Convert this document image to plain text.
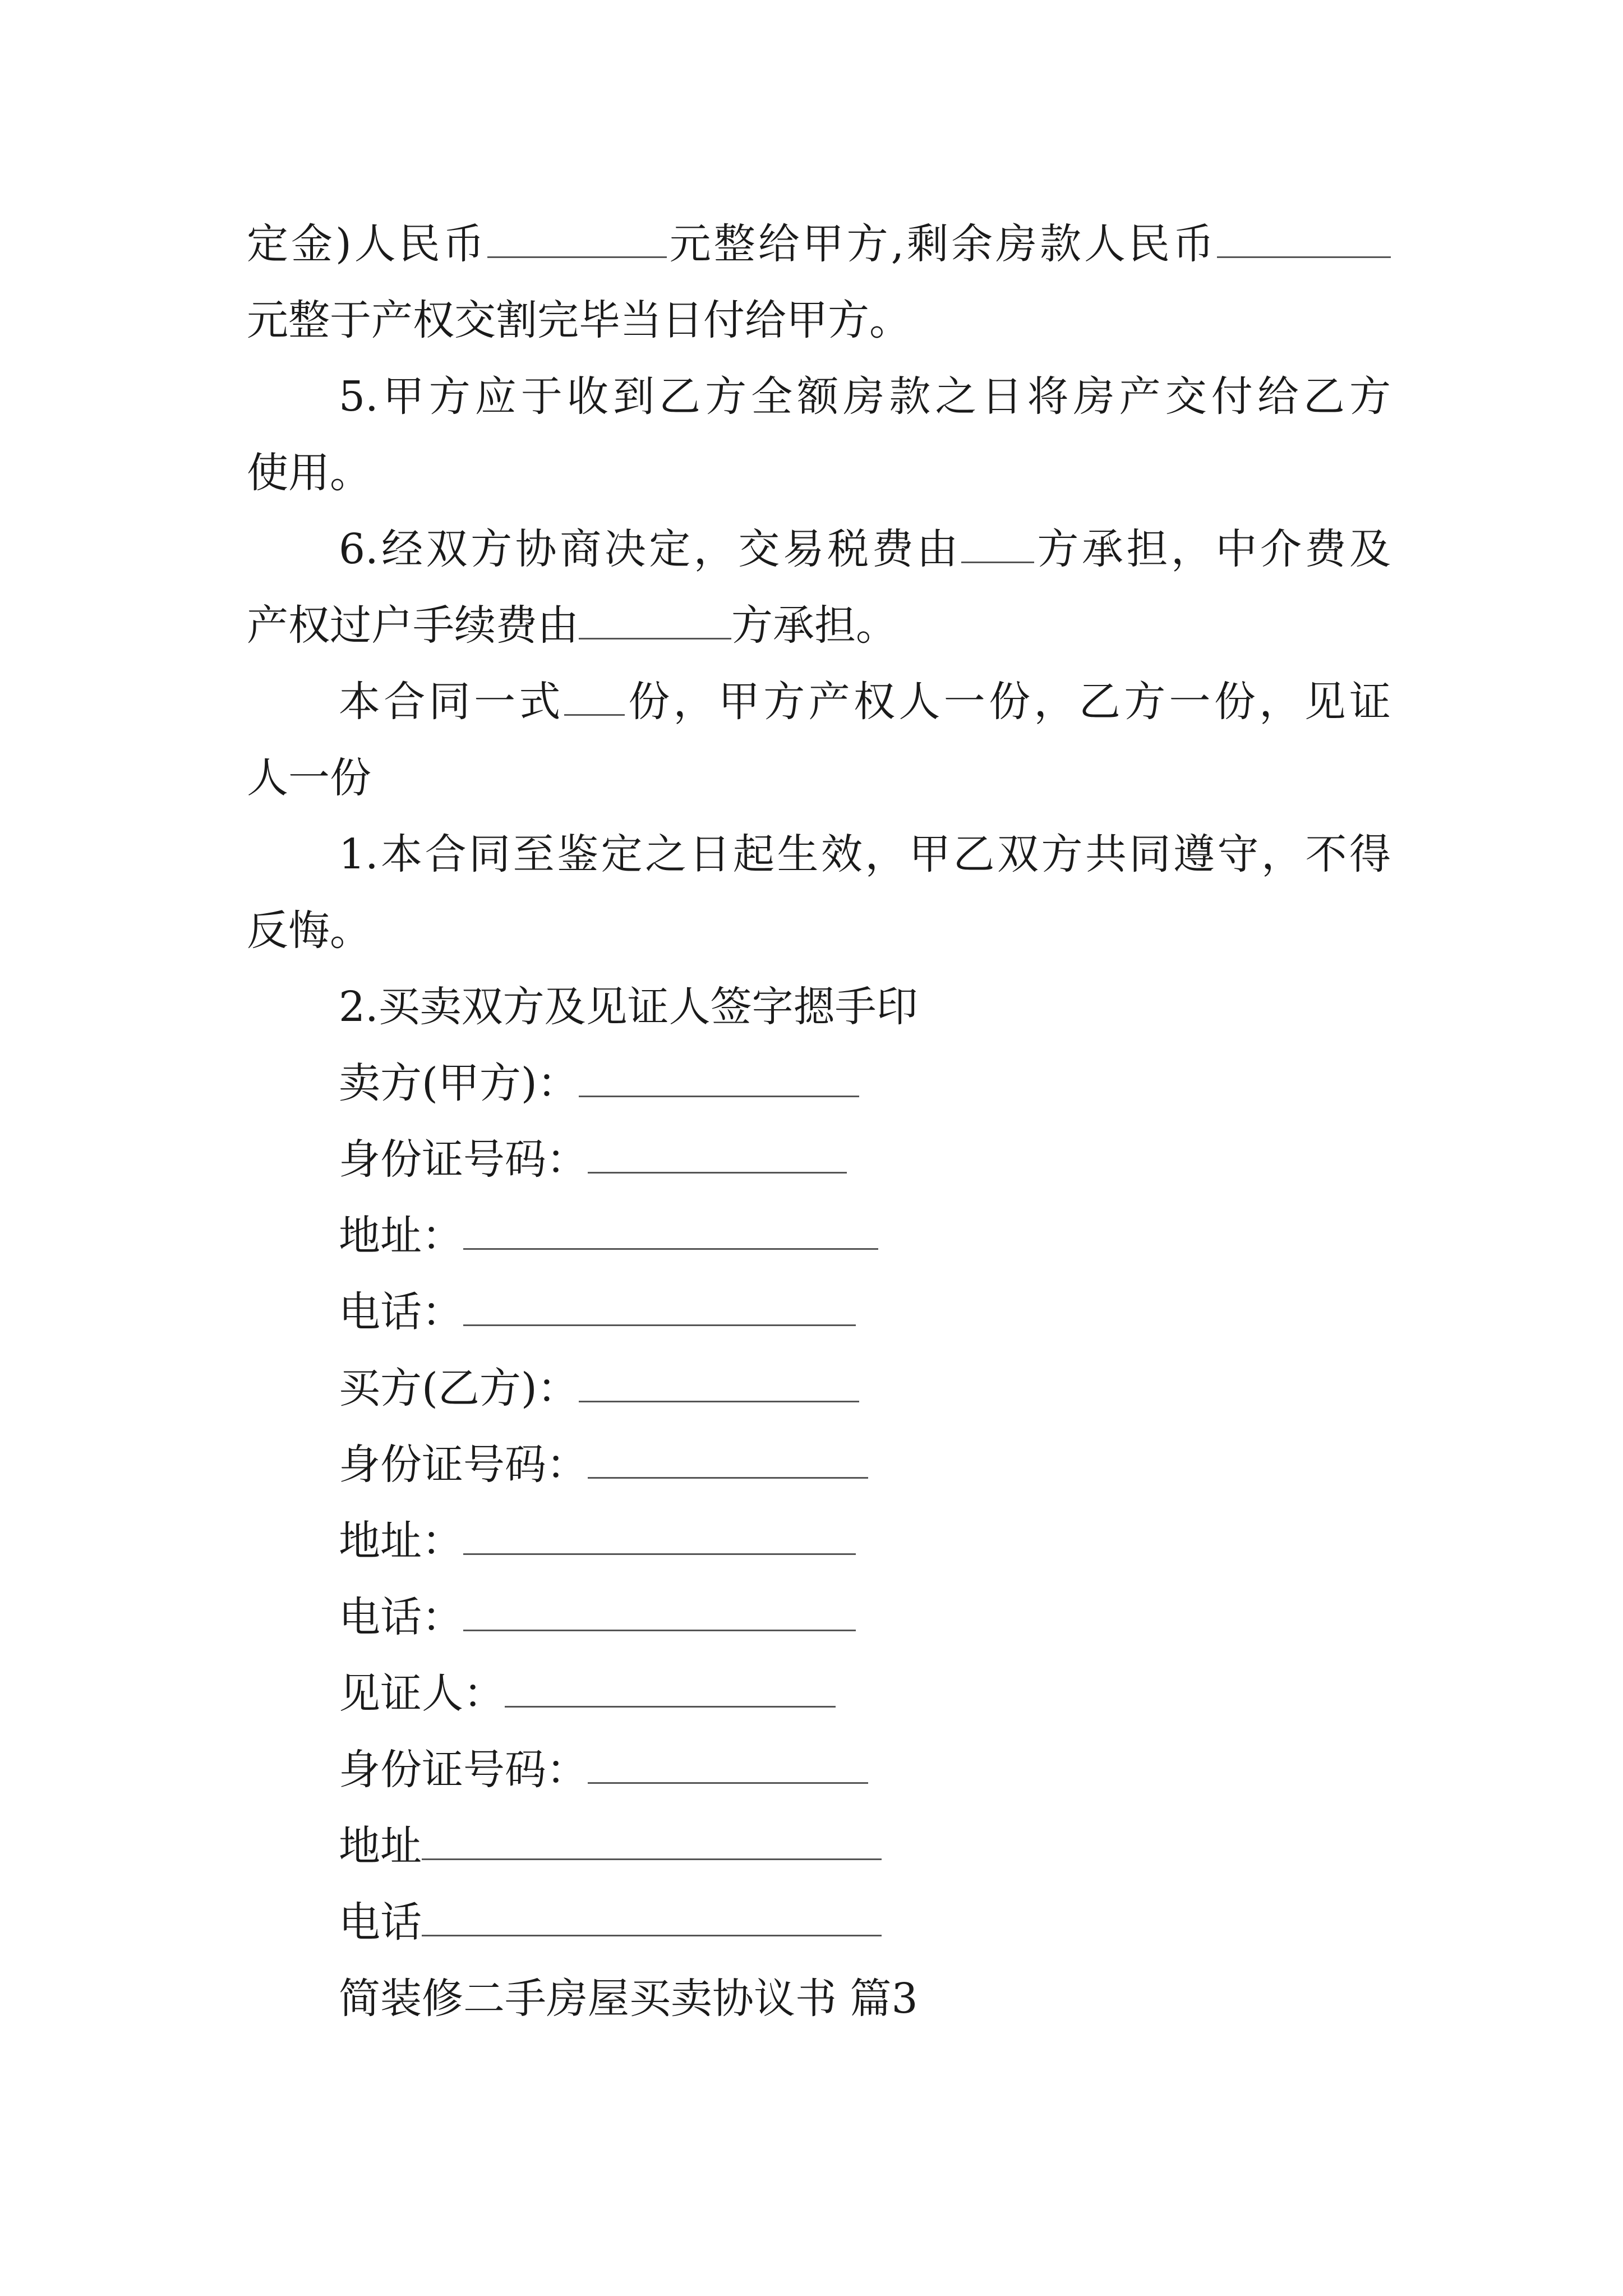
定金)人民币	元整给甲方,剩余房款人民币
元整于产权交割完毕当日付给甲方。
5.甲方应于收到乙方全额房款之日将房产交付给乙方
使用。
6.经双方协商决定，交易税费由 方承担，中介费及
产权过户手续费由	方承担。
本合同一式 份，甲方产权人一份，乙方一份，见证
人一份
1.本合同至鉴定之日起生效，甲乙双方共同遵守，不得
反悔。
2.买卖双方及见证人签字摁手印
卖方(甲方)：
身份证号码：
地址：
电话：
买方(乙方)：
身份证号码：
地址：
电话：
见证人：
身份证号码：
地址
电话
简装修二手房屋买卖协议书 篇3
